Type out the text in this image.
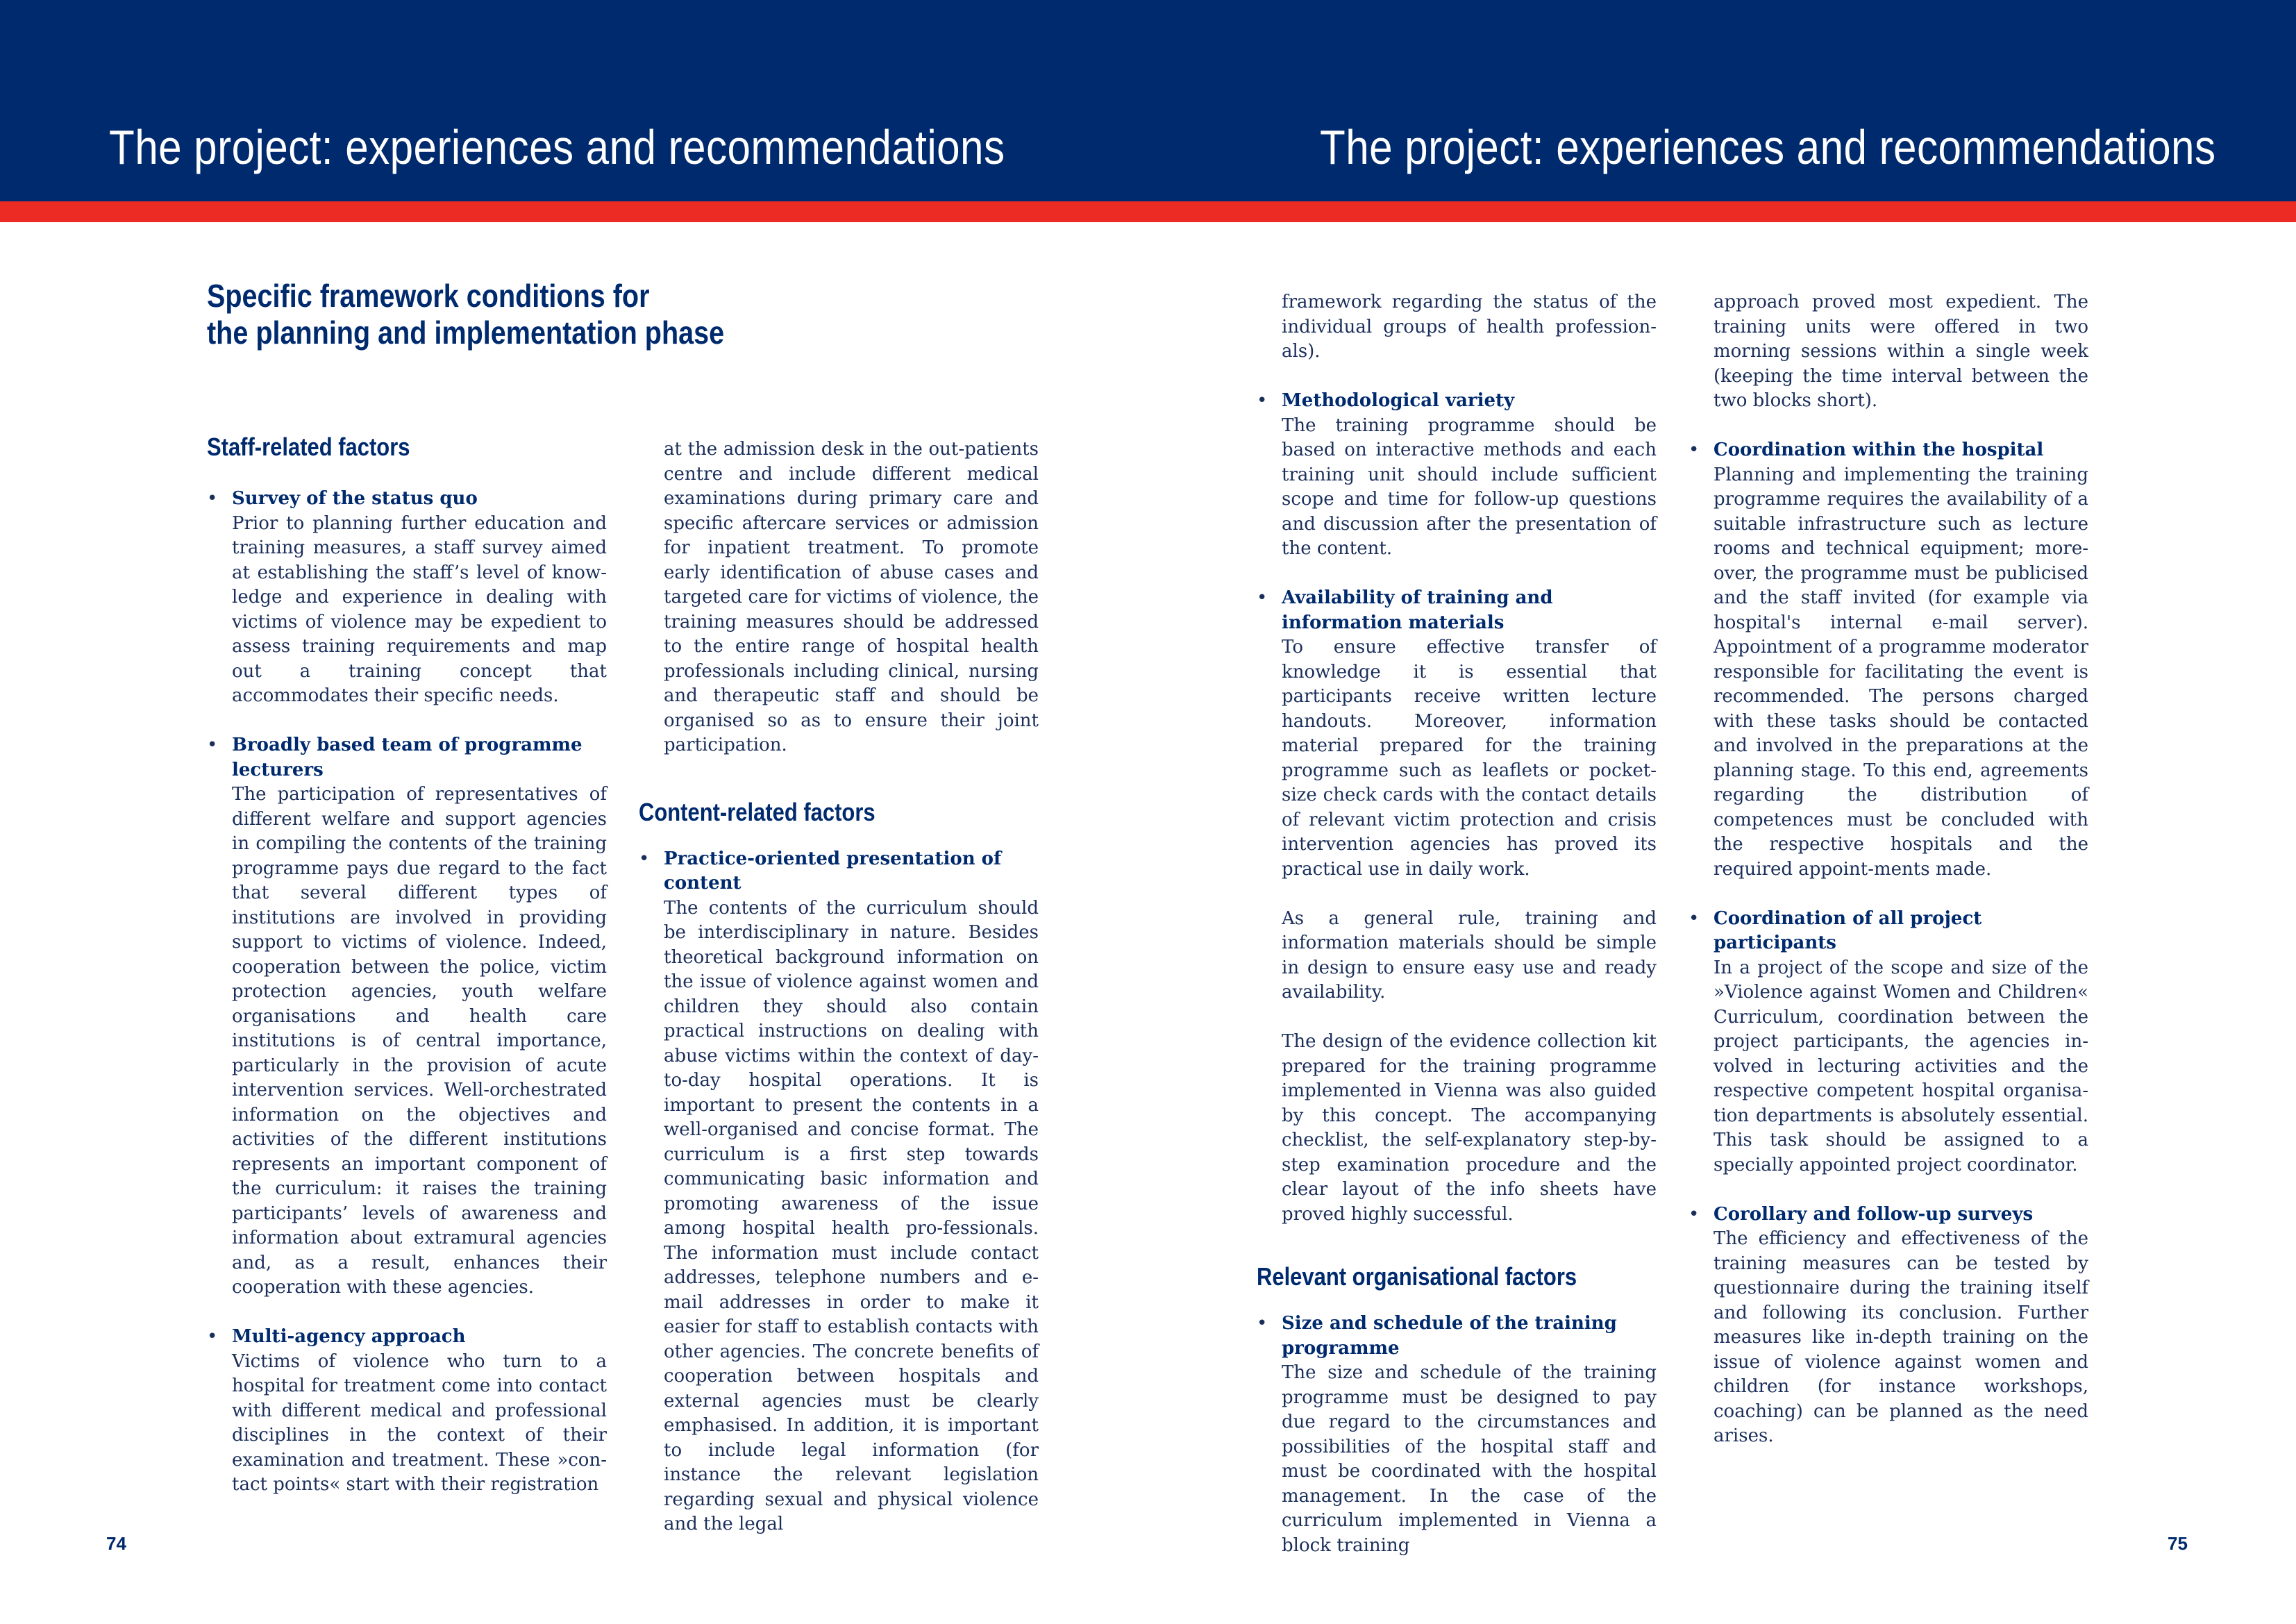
The project: experiences and recommendations	The project: experiences and recommendations
Specific framework conditions for
the planning and implementation phase
Staff-related factors
• Survey of the status quo
Prior to planning further education and training measures, a staff survey aimed at establishing the staff’s level of know-ledge and experience in dealing with victims of violence may be expedient to assess training requirements and map out a training concept that accommodates their specific needs.
• Broadly based team of programme lecturers
The participation of representatives of different welfare and support agencies in compiling the contents of the training programme pays due regard to the fact that several different types of institutions are involved in providing support to victims of violence. Indeed, cooperation between the police, victim protection agencies, youth welfare organisations and health care institutions is of central importance, particularly in the provision of acute intervention services. Well-orchestrated information on the objectives and activities of the different institutions represents an important component of the curriculum: it raises the training participants’ levels of awareness and information about extramural agencies and, as a result, enhances their cooperation with these agencies.
• Multi-agency approach
Victims of violence who turn to a hospital for treatment come into contact with different medical and professional disciplines in the context of their examination and treatment. These »con-tact points« start with their registration

at the admission desk in the out-patients centre and include different medical examinations during primary care and specific aftercare services or admission for inpatient treatment. To promote early identification of abuse cases and targeted care for victims of violence, the training measures should be addressed to the entire range of hospital health professionals including clinical, nursing and therapeutic staff and should be organised so as to ensure their joint participation.

Content-related factors
• Practice-oriented presentation of content
The contents of the curriculum should be interdisciplinary in nature. Besides theoretical background information on the issue of violence against women and children they should also contain practical instructions on dealing with abuse victims within the context of day-to-day hospital operations. It is important to present the contents in a well-organised and concise format. The curriculum is a first step towards communicating basic information and promoting awareness of the issue among hospital health pro-fessionals. The information must include contact addresses, telephone numbers and e-mail addresses in order to make it easier for staff to establish contacts with other agencies. The concrete benefits of cooperation between hospitals and external agencies must be clearly emphasised. In addition, it is important to include legal information (for instance the relevant legislation regarding sexual and physical violence and the legal

framework regarding the status of the individual groups of health profession-als).

• Methodological variety
The training programme should be based on interactive methods and each training unit should include sufficient scope and time for follow-up questions and discussion after the presentation of the content.
• Availability of training and information materials
To ensure effective transfer of knowledge it is essential that participants receive written lecture handouts. Moreover, information material prepared for the training programme such as leaflets or pocket-size check cards with the contact details of relevant victim protection and crisis intervention agencies has proved its practical use in daily work.

As a general rule, training and information materials should be simple in design to ensure easy use and ready availability.

The design of the evidence collection kit prepared for the training programme implemented in Vienna was also guided by this concept. The accompanying checklist, the self-explanatory step-by-step examination procedure and the clear layout of the info sheets have proved highly successful.

Relevant organisational factors
• Size and schedule of the training programme
The size and schedule of the training programme must be designed to pay due regard to the circumstances and possibilities of the hospital staff and must be coordinated with the hospital management. In the case of the curriculum implemented in Vienna a block training

approach proved most expedient. The training units were offered in two morning sessions within a single week (keeping the time interval between the two blocks short).

• Coordination within the hospital
Planning and implementing the training programme requires the availability of a suitable infrastructure such as lecture rooms and technical equipment; more-over, the programme must be publicised and the staff invited (for example via hospital's internal e-mail server). Appointment of a programme moderator responsible for facilitating the event is recommended. The persons charged with these tasks should be contacted and involved in the preparations at the planning stage. To this end, agreements regarding the distribution of competences must be concluded with the respective hospitals and the required appoint-ments made.
• Coordination of all project participants
In a project of the scope and size of the »Violence against Women and Children« Curriculum, coordination between the project participants, the agencies in-volved in lecturing activities and the respective competent hospital organisa-tion departments is absolutely essential. This task should be assigned to a specially appointed project coordinator.
• Corollary and follow-up surveys
The efficiency and effectiveness of the training measures can be tested by questionnaire during the training itself and following its conclusion. Further measures like in-depth training on the issue of violence against women and children (for instance workshops, coaching) can be planned as the need arises.
74	75
